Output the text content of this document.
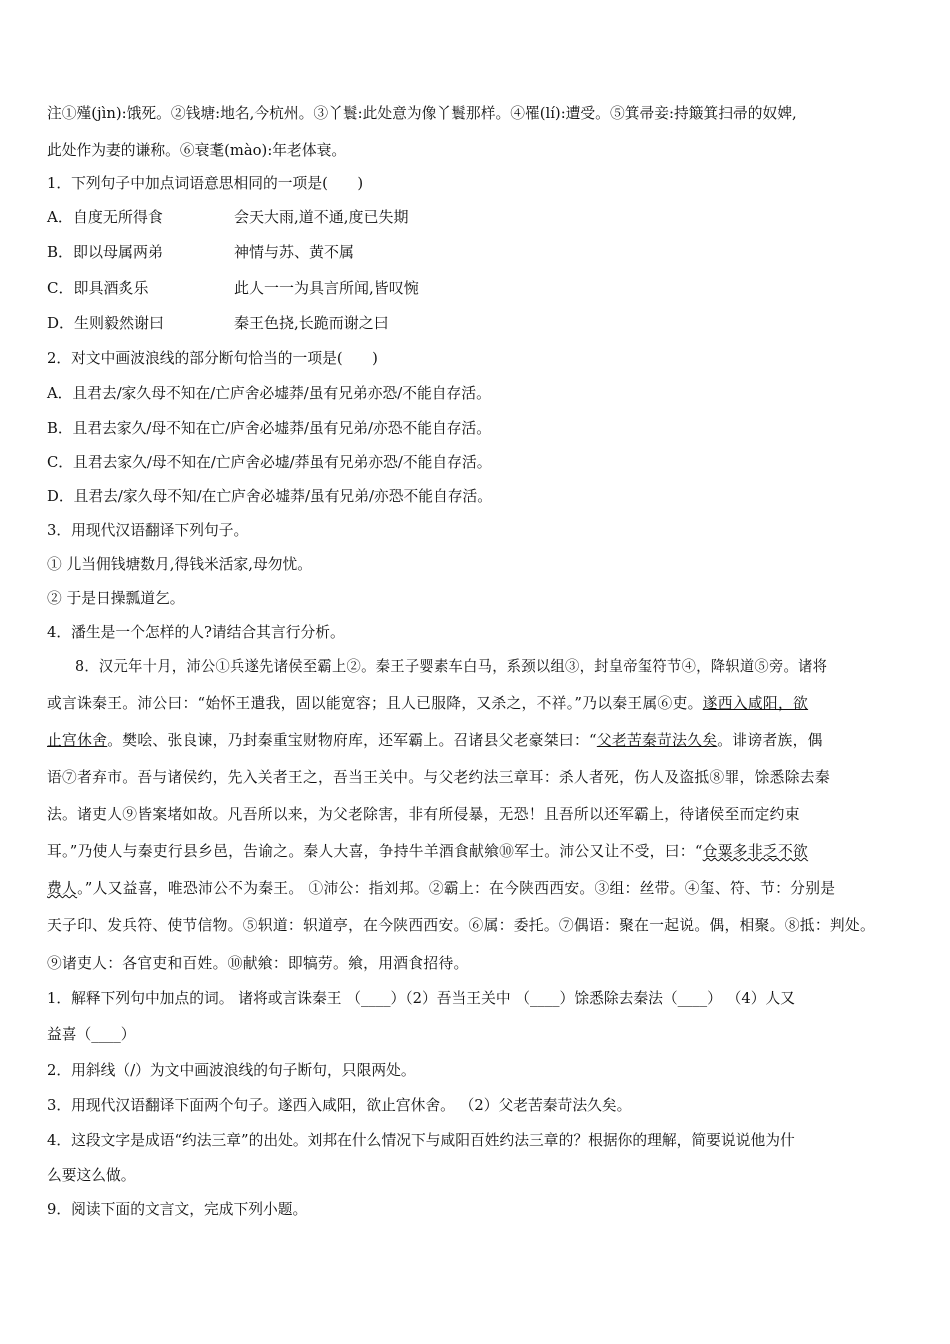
注①殣(jìn):饿死。②钱塘:地名,今杭州。③丫鬟:此处意为像丫鬟那样。④罹(lí):遭受。⑤箕帚妾:持簸箕扫帚的奴婢,
此处作为妻的谦称。⑥衰耄(mào):年老体衰。
1．下列句子中加点词语意思相同的一项是(　　)
A．自度无所得食	会天大雨,道不通,度已失期
B．即以母属两弟	神情与苏、黄不属
C．即具酒炙乐	此人一一为具言所闻,皆叹惋
D．生则毅然谢曰	秦王色挠,长跪而谢之曰
2．对文中画波浪线的部分断句恰当的一项是(　　)
A．且君去/家久母不知在/亡庐舍必墟莽/虽有兄弟亦恐/不能自存活。
B．且君去家久/母不知在亡/庐舍必墟莽/虽有兄弟/亦恐不能自存活。
C．且君去家久/母不知在/亡庐舍必墟/莽虽有兄弟亦恐/不能自存活。
D．且君去/家久母不知/在亡庐舍必墟莽/虽有兄弟/亦恐不能自存活。
3．用现代汉语翻译下列句子。
① 儿当佣钱塘数月,得钱米活家,母勿忧。
② 于是日操瓢道乞。
4．潘生是一个怎样的人?请结合其言行分析。
8．汉元年十月，沛公①兵遂先诸侯至霸上②。秦王子婴素车白马，系颈以组③，封皇帝玺符节④，降轵道⑤旁。诸将
或言诛秦王。沛公曰：“始怀王遣我，固以能宽容；且人已服降，又杀之，不祥。”乃以秦王属⑥吏。遂西入咸阳，欲
止宫休舍。樊哙、张良谏，乃封秦重宝财物府库，还军霸上。召诸县父老豪桀曰：“父老苦秦苛法久矣。诽谤者族，偶
语⑦者弃市。吾与诸侯约，先入关者王之，吾当王关中。与父老约法三章耳：杀人者死，伤人及盗抵⑧罪，馀悉除去秦
法。诸吏人⑨皆案堵如故。凡吾所以来，为父老除害，非有所侵暴，无恐！且吾所以还军霸上，待诸侯至而定约束
耳。”乃使人与秦吏行县乡邑，告谕之。秦人大喜，争持牛羊酒食献飨⑩军士。沛公又让不受，曰：“仓粟多非乏不欲
费人。”人又益喜，唯恐沛公不为秦王。 ①沛公：指刘邦。②霸上：在今陕西西安。③组：丝带。④玺、符、节：分别是
天子印、发兵符、使节信物。⑤轵道：轵道亭，在今陕西西安。⑥属：委托。⑦偶语：聚在一起说。偶，相聚。⑧抵：判处。
⑨诸吏人：各官吏和百姓。⑩献飨：即犒劳。飨，用酒食招待。
1．解释下列句中加点的词。 诸将或言诛秦王 （____）（2）吾当王关中 （____）馀悉除去秦法（____） （4）人又
益喜（____）
2．用斜线（/）为文中画波浪线的句子断句，只限两处。
3．用现代汉语翻译下面两个句子。遂西入咸阳，欲止宫休舍。 （2）父老苦秦苛法久矣。
4．这段文字是成语“约法三章”的出处。刘邦在什么情况下与咸阳百姓约法三章的？根据你的理解，简要说说他为什
么要这么做。
9．阅读下面的文言文，完成下列小题。
